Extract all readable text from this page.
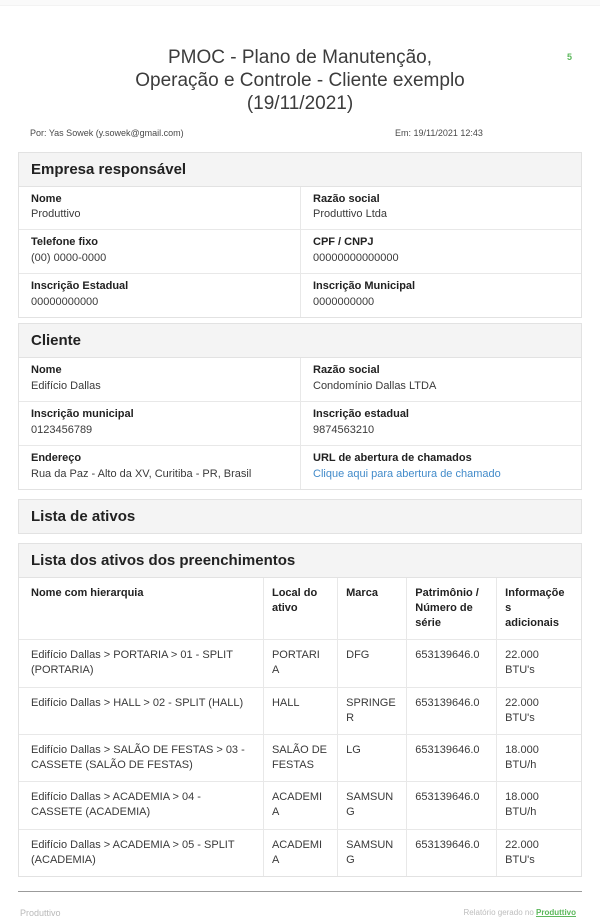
5
PMOC - Plano de Manutenção, Operação e Controle - Cliente exemplo (19/11/2021)
Por: Yas Sowek (y.sowek@gmail.com)	Em: 19/11/2021 12:43
Empresa responsável
Nome
Produttivo
Razão social
Produttivo Ltda
Telefone fixo
(00) 0000-0000
CPF / CNPJ
00000000000000
Inscrição Estadual
00000000000
Inscrição Municipal
0000000000
Cliente
Nome
Edifício Dallas
Razão social
Condomínio Dallas LTDA
Inscrição municipal
0123456789
Inscrição estadual
9874563210
Endereço
Rua da Paz - Alto da XV, Curitiba - PR, Brasil
URL de abertura de chamados
Clique aqui para abertura de chamado
Lista de ativos
Lista dos ativos dos preenchimentos
Nome com hierarquia	Local do ativo	Marca	Patrimônio / Número de série	Informações adicionais
Edifício Dallas > PORTARIA > 01 - SPLIT (PORTARIA)	PORTARIA	DFG	653139646.0	22.000 BTU's
Edifício Dallas > HALL > 02 - SPLIT (HALL)	HALL	SPRINGER	653139646.0	22.000 BTU's
Edifício Dallas > SALÃO DE FESTAS > 03 - CASSETE (SALÃO DE FESTAS)	SALÃO DE FESTAS	LG	653139646.0	18.000 BTU/h
Edifício Dallas > ACADEMIA > 04 - CASSETE (ACADEMIA)	ACADEMIA	SAMSUNG	653139646.0	18.000 BTU/h
Edifício Dallas > ACADEMIA > 05 - SPLIT (ACADEMIA)	ACADEMIA	SAMSUNG	653139646.0	22.000 BTU's
Produttivo	Relatório gerado no Produttivo
